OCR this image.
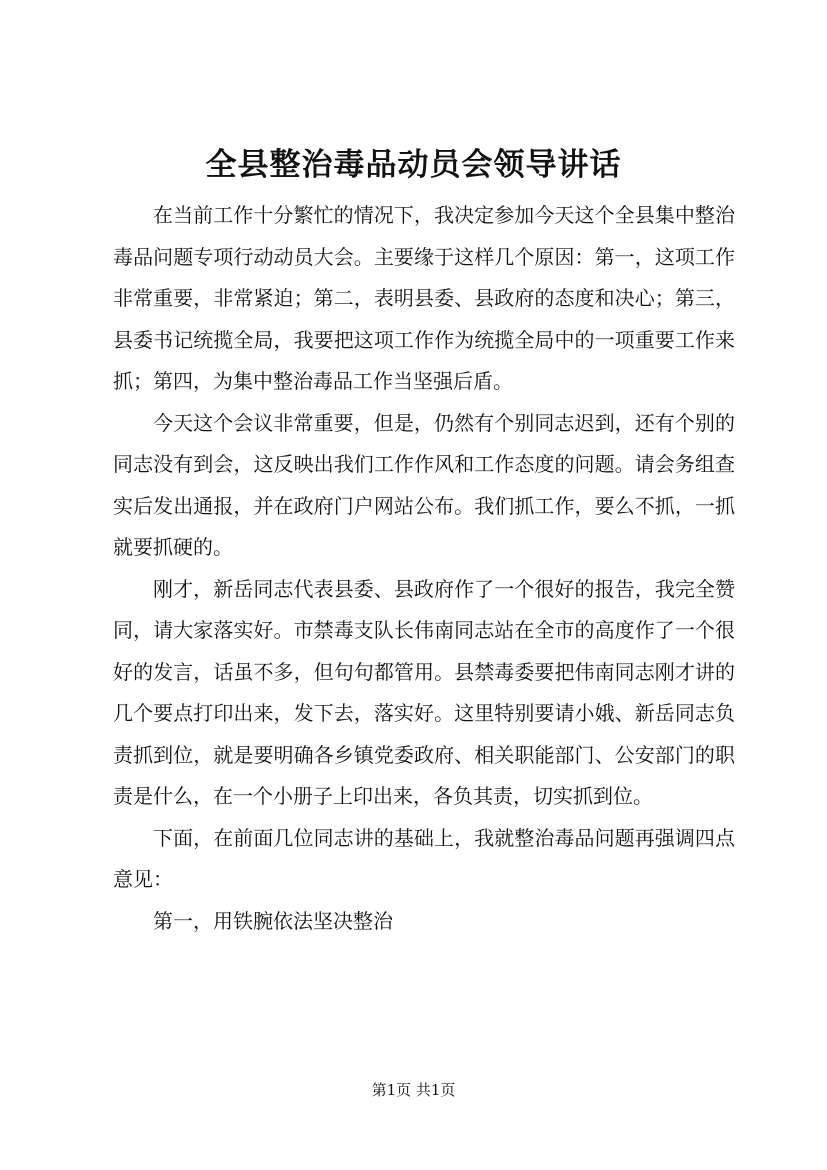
全县整治毒品动员会领导讲话

在当前工作十分繁忙的情况下，我决定参加今天这个全县集中整治毒品问题专项行动动员大会。主要缘于这样几个原因：第一，这项工作非常重要，非常紧迫；第二，表明县委、县政府的态度和决心；第三，县委书记统揽全局，我要把这项工作作为统揽全局中的一项重要工作来抓；第四，为集中整治毒品工作当坚强后盾。

今天这个会议非常重要，但是，仍然有个别同志迟到，还有个别的同志没有到会，这反映出我们工作作风和工作态度的问题。请会务组查实后发出通报，并在政府门户网站公布。我们抓工作，要么不抓，一抓就要抓硬的。

刚才，新岳同志代表县委、县政府作了一个很好的报告，我完全赞同，请大家落实好。市禁毒支队长伟南同志站在全市的高度作了一个很好的发言，话虽不多，但句句都管用。县禁毒委要把伟南同志刚才讲的几个要点打印出来，发下去，落实好。这里特别要请小娥、新岳同志负责抓到位，就是要明确各乡镇党委政府、相关职能部门、公安部门的职责是什么，在一个小册子上印出来，各负其责，切实抓到位。

下面，在前面几位同志讲的基础上，我就整治毒品问题再强调四点意见：

第一，用铁腕依法坚决整治

第1页 共1页
